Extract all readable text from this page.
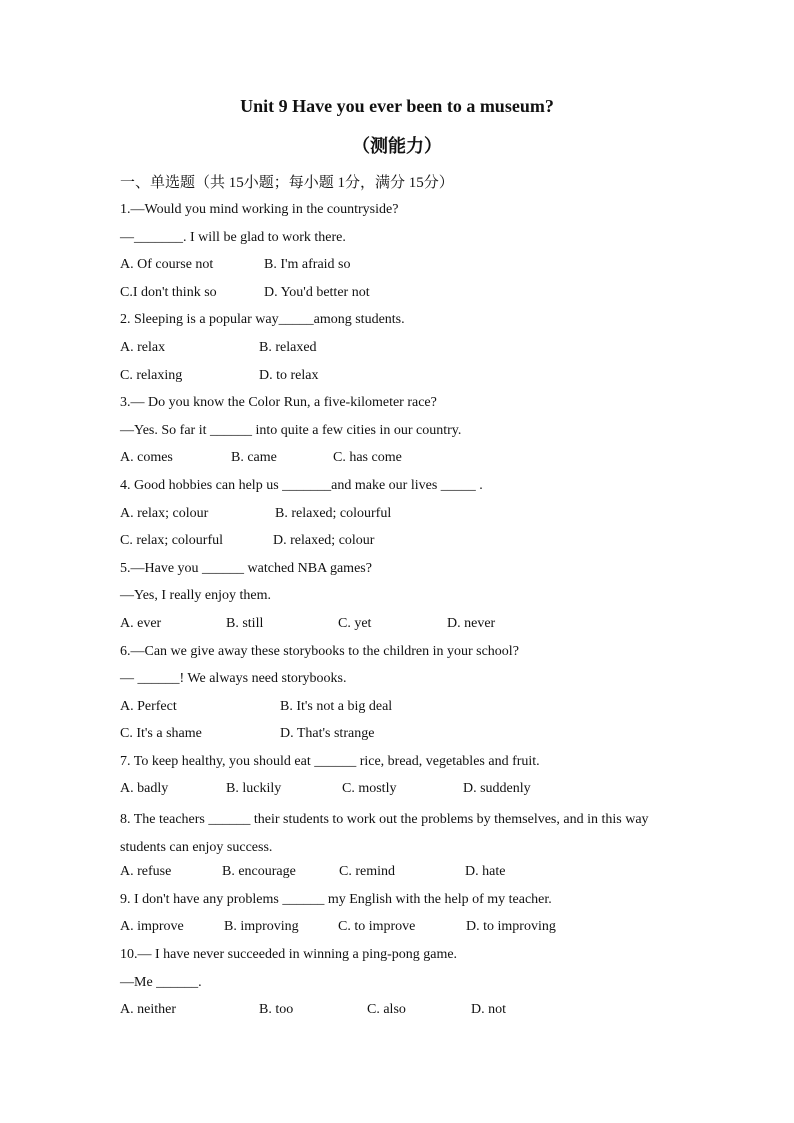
Unit 9 Have you ever been to a museum?
（测能力）
一、单选题（共 15小题；每小题 1分，满分 15分）
1.—Would you mind working in the countryside?
—_______. I will be glad to work there.
A. Of course not	B. I'm afraid so
C.I don't think so	D. You'd better not
2. Sleeping is a popular way_____among students.
A. relax	B. relaxed
C. relaxing	D. to relax
3.— Do you know the Color Run, a five-kilometer race?
—Yes. So far it ______ into quite a few cities in our country.
A. comes	B. came	C. has come
4. Good hobbies can help us _______and make our lives _____ .
A. relax; colour	B. relaxed; colourful
C. relax; colourful	D. relaxed; colour
5.—Have you ______ watched NBA games?
—Yes, I really enjoy them.
A. ever	B. still	C. yet	D. never
6.—Can we give away these storybooks to the children in your school?
— ______! We always need storybooks.
A. Perfect	B. It's not a big deal
C. It's a shame	D. That's strange
7. To keep healthy, you should eat ______ rice, bread, vegetables and fruit.
A. badly	B. luckily	C. mostly	D. suddenly
8. The teachers ______ their students to work out the problems by themselves, and in this way students can enjoy success.
A. refuse	B. encourage	C. remind	D. hate
9. I don't have any problems ______ my English with the help of my teacher.
A. improve	B. improving	C. to improve	D. to improving
10.— I have never succeeded in winning a ping-pong game.
—Me ______.
A. neither	B. too	C. also	D. not
